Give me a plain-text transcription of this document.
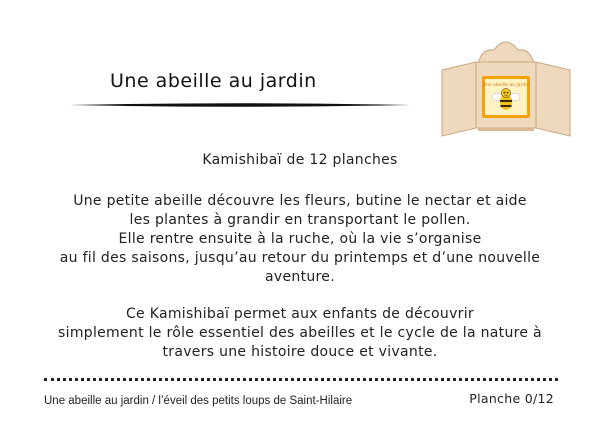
Une abeille au jardin	Une abeille au jardin
Kamishibaï de 12 planches
Une petite abeille découvre les fleurs, butine le nectar et aide
les plantes à grandir en transportant le pollen.
Elle rentre ensuite à la ruche, où la vie s’organise
au fil des saisons, jusqu’au retour du printemps et d’une nouvelle
aventure.
Ce Kamishibaï permet aux enfants de découvrir
simplement le rôle essentiel des abeilles et le cycle de la nature à
travers une histoire douce et vivante.
Une abeille au jardin / l’éveil des petits loups de Saint-Hilaire	Planche 0/12
